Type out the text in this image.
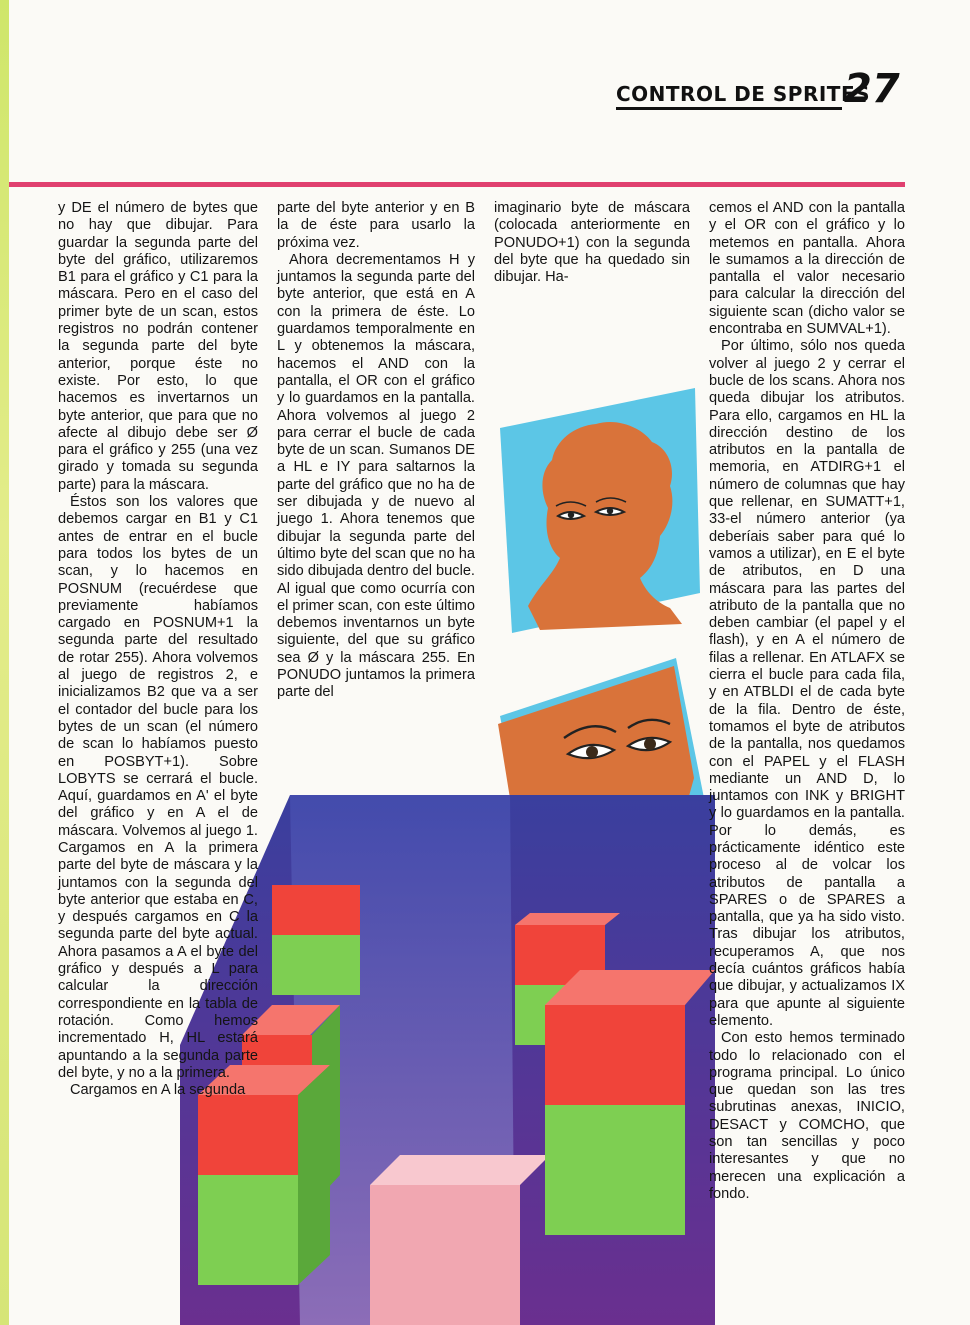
CONTROL DE SPRITES
27

y DE el número de bytes que no hay que dibujar. Para guardar la segunda parte del byte del gráfico, utilizaremos B1 para el gráfico y C1 para la máscara. Pero en el caso del primer byte de un scan, estos registros no podrán contener la segunda parte del byte anterior, porque éste no existe. Por esto, lo que hacemos es invertarnos un byte anterior, que para que no afecte al dibujo debe ser Ø para el gráfico y 255 (una vez girado y tomada su segunda parte) para la máscara.

Éstos son los valores que debemos cargar en B1 y C1 antes de entrar en el bucle para todos los bytes de un scan, y lo hacemos en POSNUM (recuérdese que previamente habíamos cargado en POSNUM+1 la segunda parte del resultado de rotar 255). Ahora volvemos al juego de registros 2, e inicializamos B2 que va a ser el contador del bucle para los bytes de un scan (el número de scan lo habíamos puesto en POSBYT+1). Sobre LOBYTS se cerrará el bucle. Aquí, guardamos en A' el byte del gráfico y en A el de máscara. Volvemos al juego 1. Cargamos en A la primera parte del byte de máscara y la juntamos con la segunda del byte anterior que estaba en C, y después cargamos en C la segunda parte del byte actual. Ahora pasamos a A el byte del gráfico y después a L para calcular la dirección correspondiente en la tabla de rotación. Como hemos incrementado H, HL estará apuntando a la segunda parte del byte, y no a la primera.

Cargamos en A la segunda

parte del byte anterior y en B la de éste para usarlo la próxima vez.

Ahora decrementamos H y juntamos la segunda parte del byte anterior, que está en A con la primera de éste. Lo guardamos temporalmente en L y obtenemos la máscara, hacemos el AND con la pantalla, el OR con el gráfico y lo guardamos en la pantalla. Ahora volvemos al juego 2 para cerrar el bucle de cada byte de un scan. Sumanos DE a HL e IY para saltarnos la parte del gráfico que no ha de ser dibujada y de nuevo al juego 1. Ahora tenemos que dibujar la segunda parte del último byte del scan que no ha sido dibujada dentro del bucle. Al igual que como ocurría con el primer scan, con este último debemos inventarnos un byte siguiente, del que su gráfico sea Ø y la máscara 255. En PONUDO juntamos la primera parte del

imaginario byte de máscara (colocada anteriormente en PONUDO+1) con la segunda del byte que ha quedado sin dibujar. Ha-

cemos el AND con la pantalla y el OR con el gráfico y lo metemos en pantalla. Ahora le sumamos a la dirección de pantalla el valor necesario para calcular la dirección del siguiente scan (dicho valor se encontraba en SUMVAL+1).

Por último, sólo nos queda volver al juego 2 y cerrar el bucle de los scans. Ahora nos queda dibujar los atributos. Para ello, cargamos en HL la dirección destino de los atributos en la pantalla de memoria, en ATDIRG+1 el número de columnas que hay que rellenar, en SUMATT+1, 33-el número anterior (ya deberíais saber para qué lo vamos a utilizar), en E el byte de atributos, en D una máscara para las partes del atributo de la pantalla que no deben cambiar (el papel y el flash), y en A el número de filas a rellenar. En ATLAFX se cierra el bucle para cada fila, y en ATBLDI el de cada byte de la fila. Dentro de éste, tomamos el byte de atributos de la pantalla, nos quedamos con el PAPEL y el FLASH mediante un AND D, lo juntamos con INK y BRIGHT y lo guardamos en la pantalla. Por lo demás, es prácticamente idéntico este proceso al de volcar los atributos de pantalla a SPARES o de SPARES a pantalla, que ya ha sido visto. Tras dibujar los atributos, recuperamos A, que nos decía cuántos gráficos había que dibujar, y actualizamos IX para que apunte al siguiente elemento.

Con esto hemos terminado todo lo relacionado con el programa principal. Lo único que quedan son las tres subrutinas anexas, INICIO, DESACT y COMCHO, que son tan sencillas y poco interesantes y que no merecen una explicación a fondo.
